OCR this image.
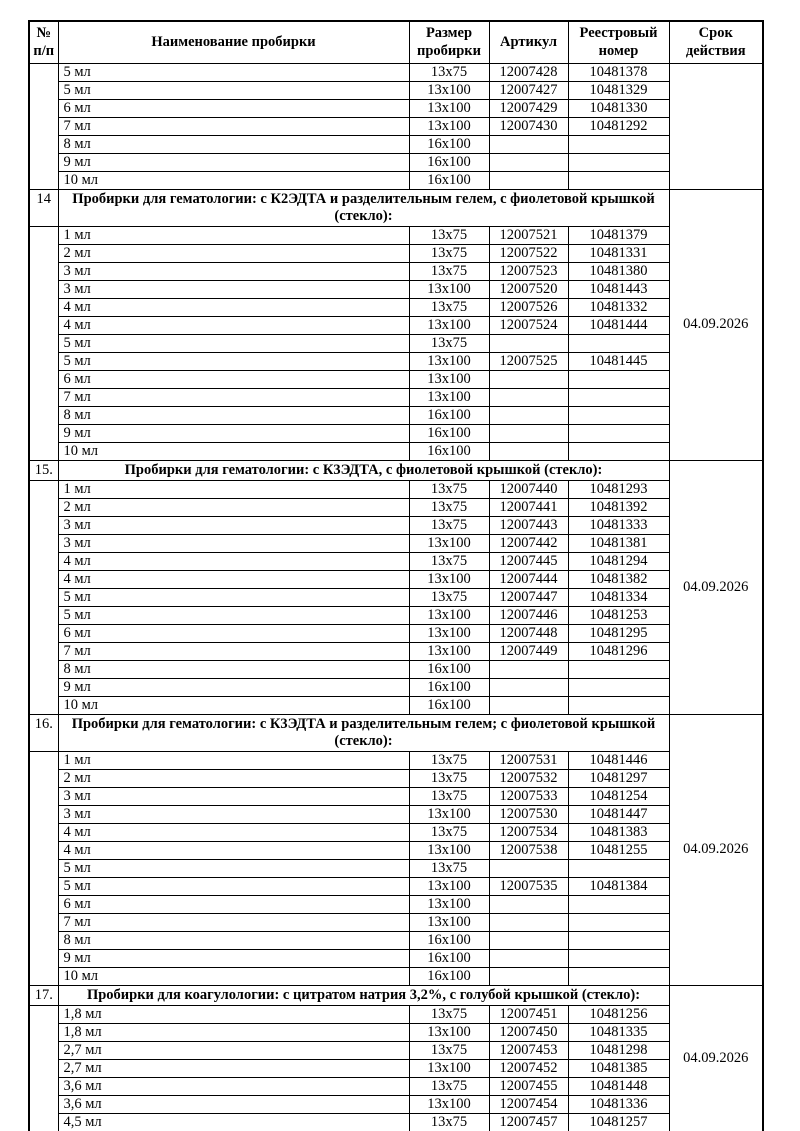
№ п/п	Наименование пробирки	Размер пробирки	Артикул	Реестровый номер	Срок действия
	5 мл	13x75	12007428	10481378	
	5 мл	13x100	12007427	10481329	
	6 мл	13x100	12007429	10481330	
	7 мл	13x100	12007430	10481292	
	8 мл	16x100			
	9 мл	16x100			
	10 мл	16x100			
14	Пробирки для гематологии: с К2ЭДТА и разделительным гелем, с фиолетовой крышкой (стекло):				04.09.2026
	1 мл	13x75	12007521	10481379	
	2 мл	13x75	12007522	10481331	
	3 мл	13x75	12007523	10481380	
	3 мл	13x100	12007520	10481443	
	4 мл	13x75	12007526	10481332	
	4 мл	13x100	12007524	10481444	
	5 мл	13x75			
	5 мл	13x100	12007525	10481445	
	6 мл	13x100			
	7 мл	13x100			
	8 мл	16x100			
	9 мл	16x100			
	10 мл	16x100			
15.	Пробирки для гематологии: с К3ЭДТА, с фиолетовой крышкой (стекло):				04.09.2026
	1 мл	13x75	12007440	10481293	
	2 мл	13x75	12007441	10481392	
	3 мл	13x75	12007443	10481333	
	3 мл	13x100	12007442	10481381	
	4 мл	13x75	12007445	10481294	
	4 мл	13x100	12007444	10481382	
	5 мл	13x75	12007447	10481334	
	5 мл	13x100	12007446	10481253	
	6 мл	13x100	12007448	10481295	
	7 мл	13x100	12007449	10481296	
	8 мл	16x100			
	9 мл	16x100			
	10 мл	16x100			
16.	Пробирки для гематологии: с К3ЭДТА и разделительным гелем; с фиолетовой крышкой (стекло):				04.09.2026
	1 мл	13x75	12007531	10481446	
	2 мл	13x75	12007532	10481297	
	3 мл	13x75	12007533	10481254	
	3 мл	13x100	12007530	10481447	
	4 мл	13x75	12007534	10481383	
	4 мл	13x100	12007538	10481255	
	5 мл	13x75			
	5 мл	13x100	12007535	10481384	
	6 мл	13x100			
	7 мл	13x100			
	8 мл	16x100			
	9 мл	16x100			
	10 мл	16x100			
17.	Пробирки для коагулологии: с цитратом натрия 3,2%, с голубой крышкой (стекло):				04.09.2026
	1,8 мл	13x75	12007451	10481256	
	1,8 мл	13x100	12007450	10481335	
	2,7 мл	13x75	12007453	10481298	
	2,7 мл	13x100	12007452	10481385	
	3,6 мл	13x75	12007455	10481448	
	3,6 мл	13x100	12007454	10481336	
	4,5 мл	13x75	12007457	10481257	
